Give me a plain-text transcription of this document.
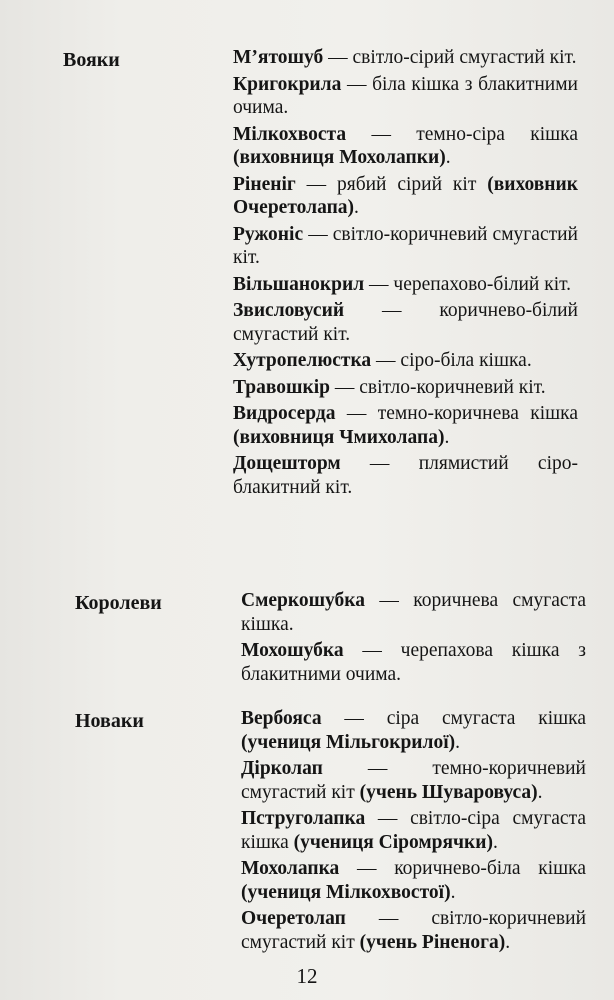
Вояки	М’ятошуб — світло-сірий смугастий кіт.

Кригокрила — біла кішка з блакитними очима.

Мілкохвоста — темно-сіра кішка (виховниця Мохолапки).

Ріненіг — рябий сірий кіт (виховник Очеретолапа).

Ружоніс — світло-коричневий смугастий кіт.

Вільшанокрил — черепахово-білий кіт.

Звисловусий — коричнево-білий смугастий кіт.

Хутропелюстка — сіро-біла кішка.

Травошкір — світло-коричневий кіт.

Видросерда — темно-коричнева кішка (виховниця Чмихолапа).

Дощешторм — плямистий сіро-блакитний кіт.

Королеви	Смеркошубка — коричнева смугаста кішка.

Мохошубка — черепахова кішка з блакитними очима.

Новаки	Вербояса — сіра смугаста кішка (учениця Мільгокрилої).

Дірколап — темно-коричневий смугастий кіт (учень Шуваровуса).

Пструголапка — світло-сіра смугаста кішка (учениця Сіромрячки).

Мохолапка — коричнево-біла кішка (учениця Мілкохвостої).

Очеретолап — світло-коричневий смугастий кіт (учень Ріненога).

12
